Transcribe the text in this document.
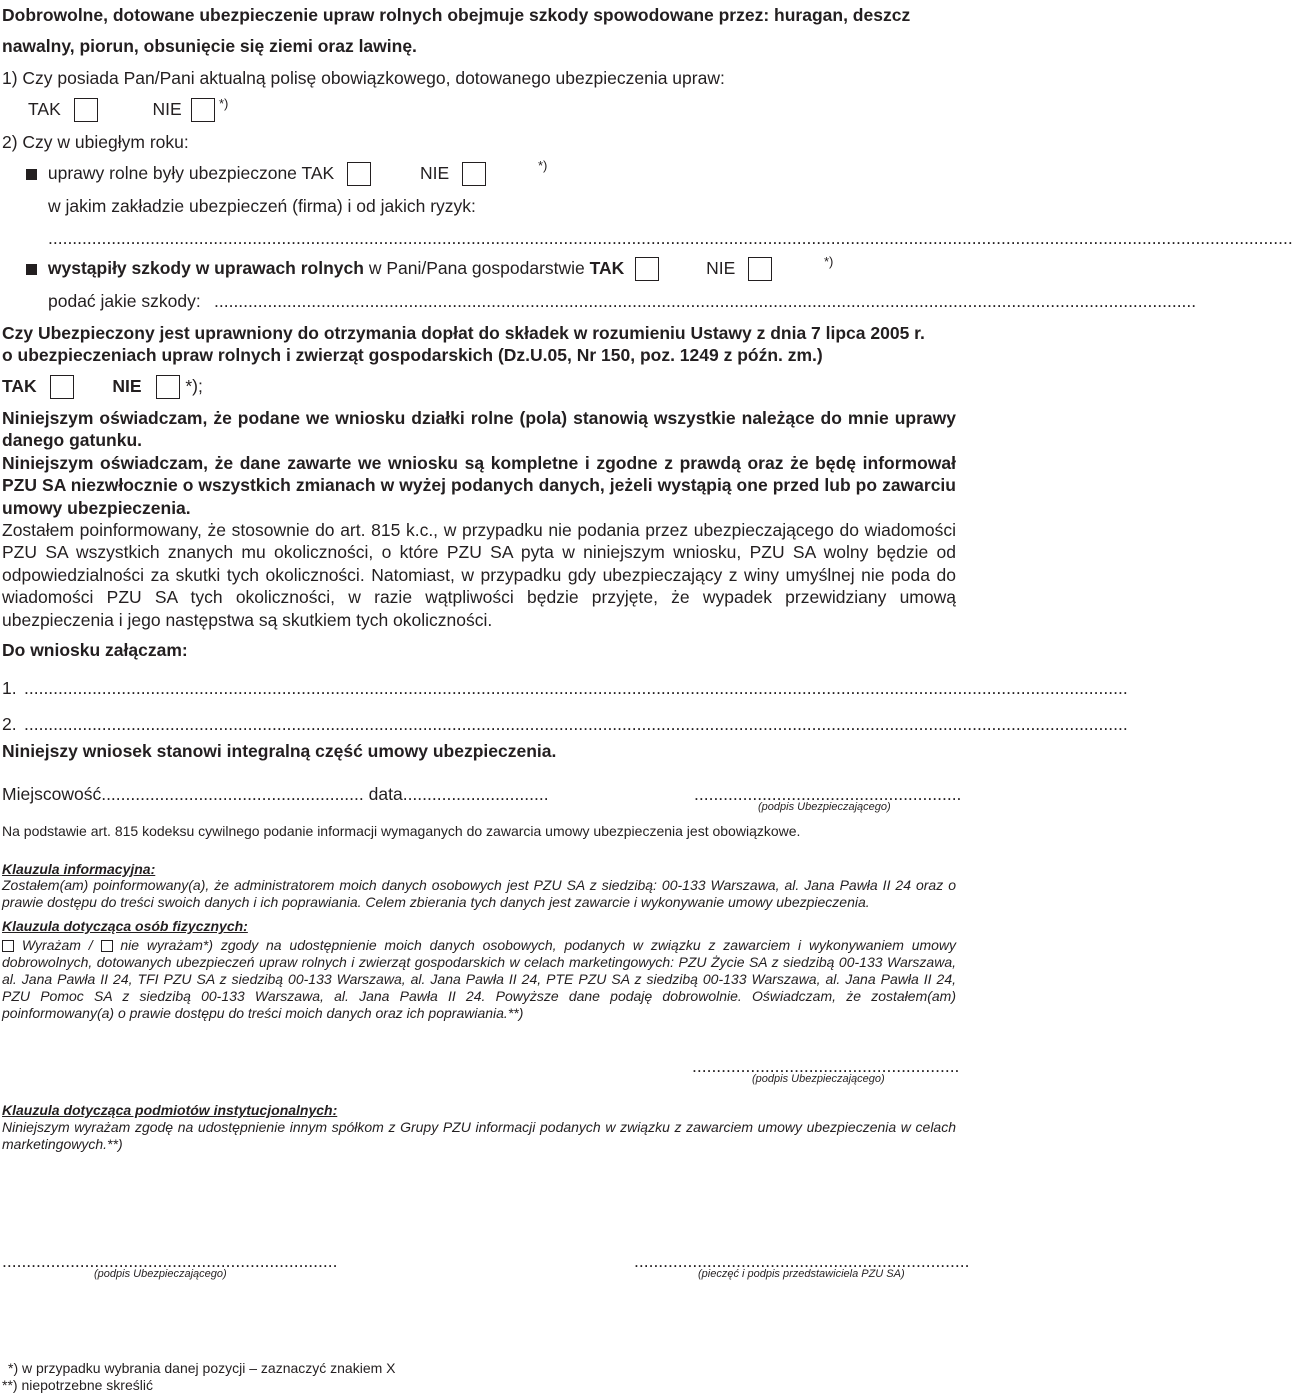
Dobrowolne, dotowane ubezpieczenie upraw rolnych obejmuje szkody spowodowane przez: huragan, deszcz
nawalny, piorun, obsunięcie się ziemi oraz lawinę.
1) Czy posiada Pan/Pani aktualną polisę obowiązkowego, dotowanego ubezpieczenia upraw:
TAK	NIE	*)
2) Czy w ubiegłym roku:
uprawy rolne były ubezpieczone TAK	NIE	*)
w jakim zakładzie ubezpieczeń (firma) i od jakich ryzyk:
................................................................................................................................................................................................................................................................
wystąpiły szkody w uprawach rolnych w Pani/Pana gospodarstwie TAK	NIE	*)
podać jakie szkody: ..........................................................................................................................................................................................................
Czy Ubezpieczony jest uprawniony do otrzymania dopłat do składek w rozumieniu Ustawy z dnia 7 lipca 2005 r.
o ubezpieczeniach upraw rolnych i zwierząt gospodarskich (Dz.U.05, Nr 150, poz. 1249 z późn. zm.)
TAK	NIE	*);
Niniejszym oświadczam, że podane we wniosku działki rolne (pola) stanowią wszystkie należące do mnie uprawy danego gatunku.
Niniejszym oświadczam, że dane zawarte we wniosku są kompletne i zgodne z prawdą oraz że będę informował PZU SA niezwłocznie o wszystkich zmianach w wyżej podanych danych, jeżeli wystąpią one przed lub po zawarciu umowy ubezpieczenia.
Zostałem poinformowany, że stosownie do art. 815 k.c., w przypadku nie podania przez ubezpieczającego do wiadomości PZU SA wszystkich znanych mu okoliczności, o które PZU SA pyta w niniejszym wniosku, PZU SA wolny będzie od odpowiedzialności za skutki tych okoliczności. Natomiast, w przypadku gdy ubezpieczający z winy umyślnej nie poda do wiadomości PZU SA tych okoliczności, w razie wątpliwości będzie przyjęte, że wypadek przewidziany umową ubezpieczenia i jego następstwa są skutkiem tych okoliczności.
Do wniosku załączam:
1. ...................................................................................................................................................................................................................................
2. ...................................................................................................................................................................................................................................
Niniejszy wniosek stanowi integralną część umowy ubezpieczenia.
Miejscowość...................................................... data..............................	.......................................................
(podpis Ubezpieczającego)
Na podstawie art. 815 kodeksu cywilnego podanie informacji wymaganych do zawarcia umowy ubezpieczenia jest obowiązkowe.
Klauzula informacyjna:
Zostałem(am) poinformowany(a), że administratorem moich danych osobowych jest PZU SA z siedzibą: 00-133 Warszawa, al. Jana Pawła II 24 oraz o prawie dostępu do treści swoich danych i ich poprawiania. Celem zbierania tych danych jest zawarcie i wykonywanie umowy ubezpieczenia.
Klauzula dotycząca osób fizycznych:
Wyrażam / nie wyrażam*) zgody na udostępnienie moich danych osobowych, podanych w związku z zawarciem i wykonywaniem umowy dobrowolnych, dotowanych ubezpieczeń upraw rolnych i zwierząt gospodarskich w celach marketingowych: PZU Życie SA z siedzibą 00-133 Warszawa, al. Jana Pawła II 24, TFI PZU SA z siedzibą 00-133 Warszawa, al. Jana Pawła II 24, PTE PZU SA z siedzibą 00-133 Warszawa, al. Jana Pawła II 24, PZU Pomoc SA z siedzibą 00-133 Warszawa, al. Jana Pawła II 24. Powyższe dane podaję dobrowolnie. Oświadczam, że zostałem(am) poinformowany(a) o prawie dostępu do treści moich danych oraz ich poprawiania.**)
.......................................................
(podpis Ubezpieczającego)
Klauzula dotycząca podmiotów instytucjonalnych:
Niniejszym wyrażam zgodę na udostępnienie innym spółkom z Grupy PZU informacji podanych w związku z zawarciem umowy ubezpieczenia w celach marketingowych.**)
.....................................................................
(podpis Ubezpieczającego)
.....................................................................
(pieczęć i podpis przedstawiciela PZU SA)
*) w przypadku wybrania danej pozycji – zaznaczyć znakiem X
**) niepotrzebne skreślić
